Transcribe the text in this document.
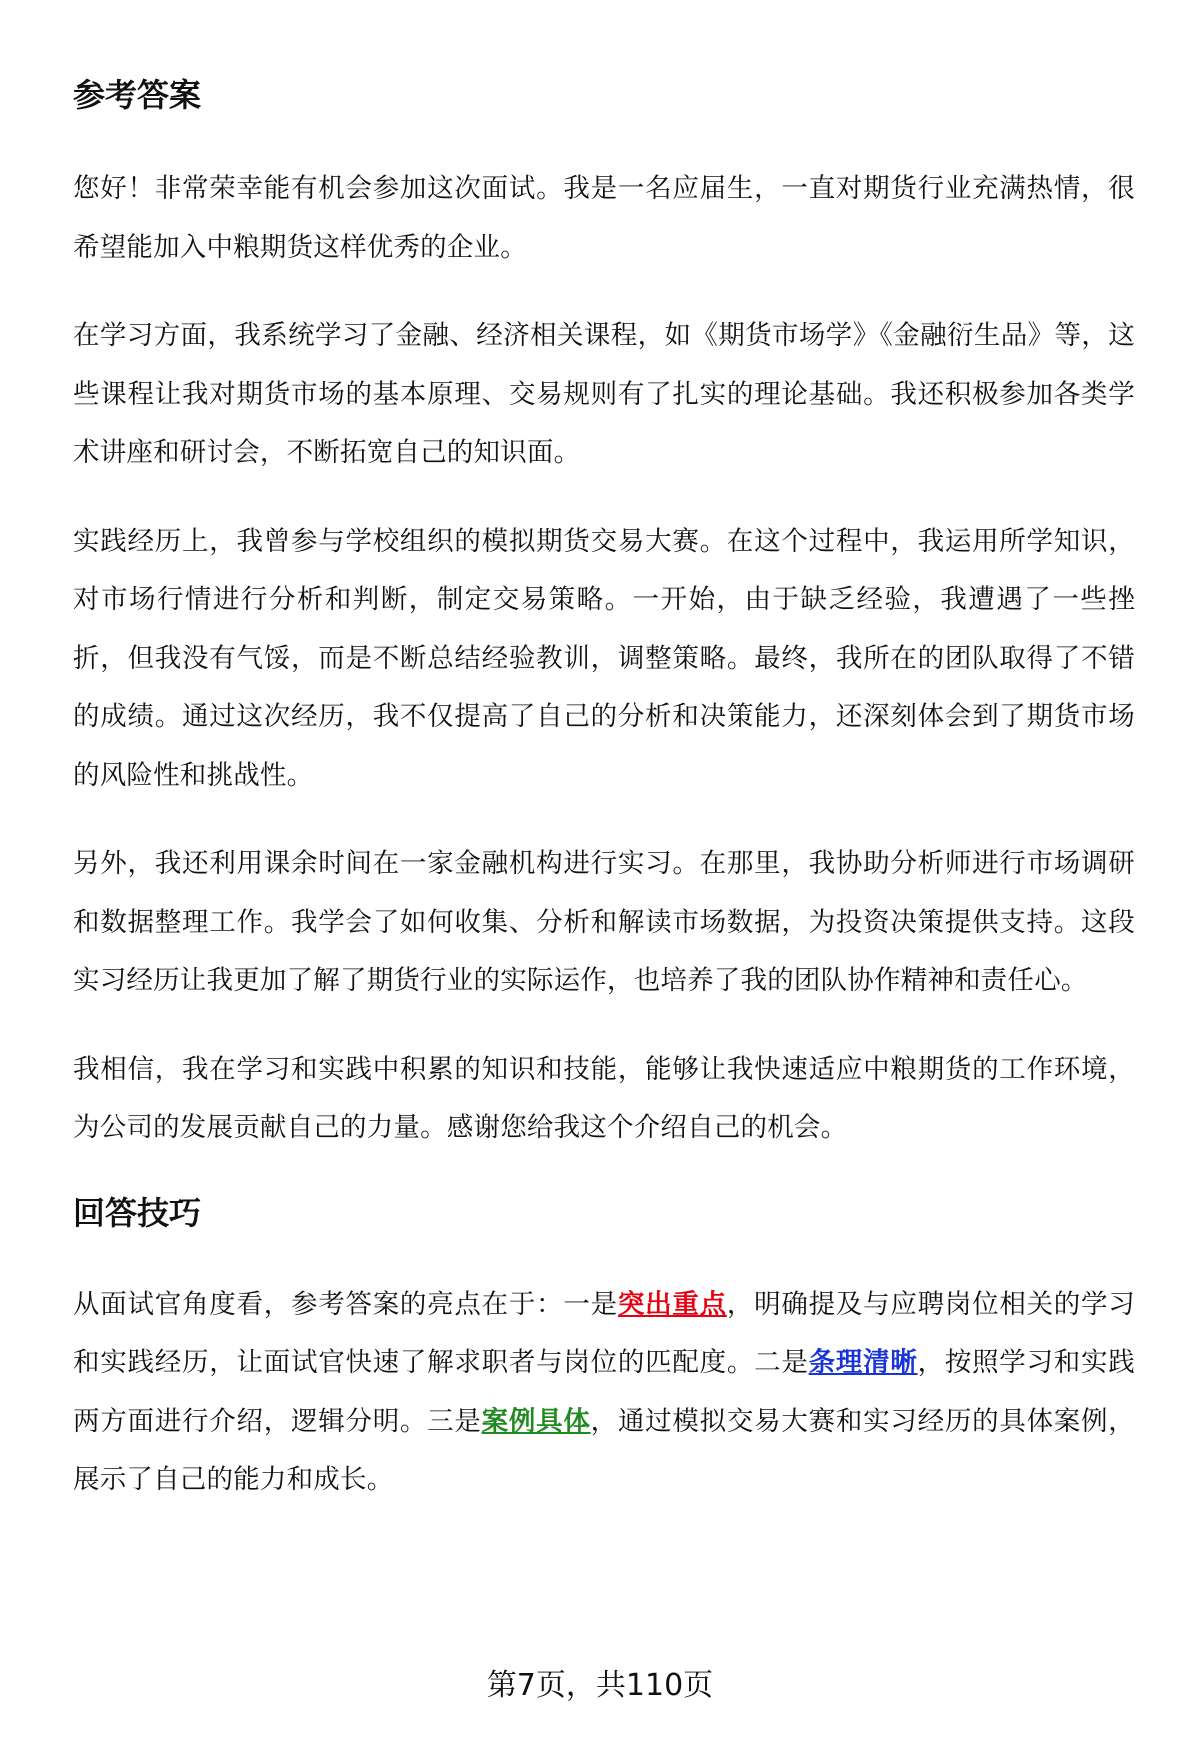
参考答案

您好！非常荣幸能有机会参加这次面试。我是一名应届生，一直对期货行业充满热情，很希望能加入中粮期货这样优秀的企业。

在学习方面，我系统学习了金融、经济相关课程，如《期货市场学》《金融衍生品》等，这些课程让我对期货市场的基本原理、交易规则有了扎实的理论基础。我还积极参加各类学术讲座和研讨会，不断拓宽自己的知识面。

实践经历上，我曾参与学校组织的模拟期货交易大赛。在这个过程中，我运用所学知识，对市场行情进行分析和判断，制定交易策略。一开始，由于缺乏经验，我遭遇了一些挫折，但我没有气馁，而是不断总结经验教训，调整策略。最终，我所在的团队取得了不错的成绩。通过这次经历，我不仅提高了自己的分析和决策能力，还深刻体会到了期货市场的风险性和挑战性。

另外，我还利用课余时间在一家金融机构进行实习。在那里，我协助分析师进行市场调研和数据整理工作。我学会了如何收集、分析和解读市场数据，为投资决策提供支持。这段实习经历让我更加了解了期货行业的实际运作，也培养了我的团队协作精神和责任心。

我相信，我在学习和实践中积累的知识和技能，能够让我快速适应中粮期货的工作环境，为公司的发展贡献自己的力量。感谢您给我这个介绍自己的机会。

回答技巧

从面试官角度看，参考答案的亮点在于：一是突出重点，明确提及与应聘岗位相关的学习和实践经历，让面试官快速了解求职者与岗位的匹配度。二是条理清晰，按照学习和实践两方面进行介绍，逻辑分明。三是案例具体，通过模拟交易大赛和实习经历的具体案例，展示了自己的能力和成长。

第7页，共110页
